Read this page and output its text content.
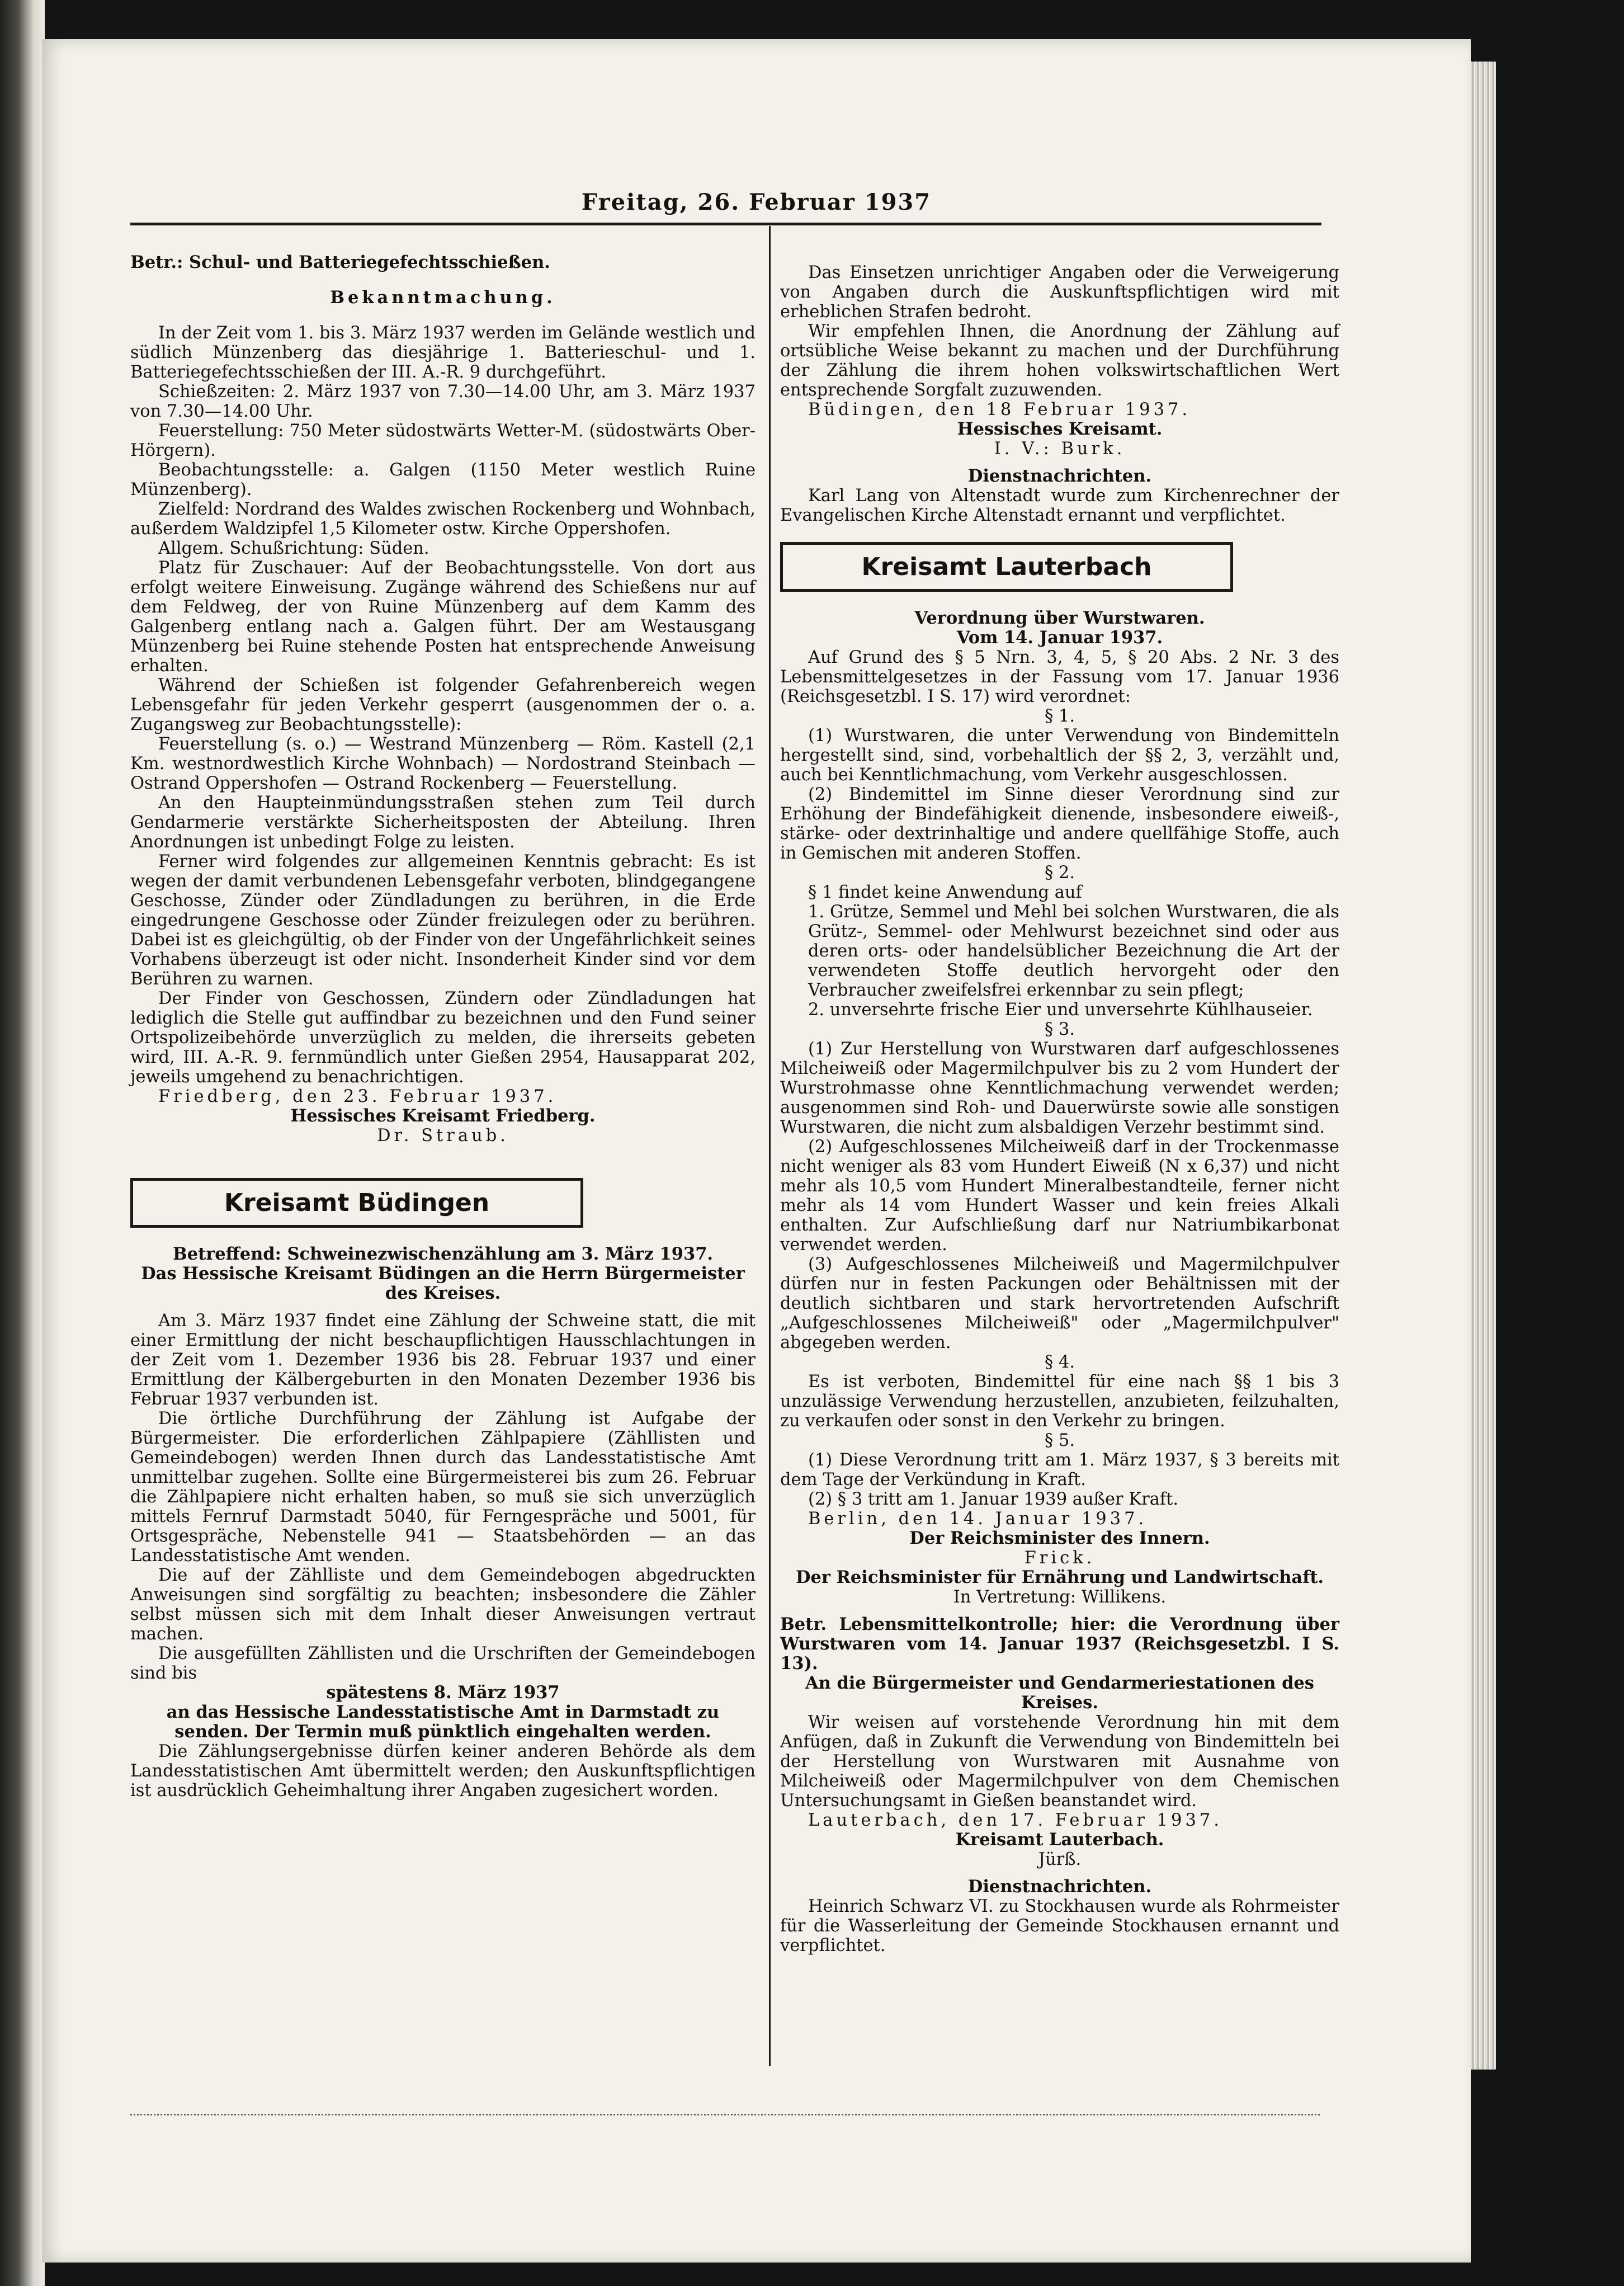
Freitag, 26. Februar 1937

Betr.: Schul- und Batteriegefechtsschießen.

Bekanntmachung.

In der Zeit vom 1. bis 3. März 1937 werden im Gelände westlich und südlich Münzenberg das diesjährige 1. Batterieschul- und 1. Batteriegefechtsschießen der III. A.-R. 9 durchgeführt.

Schießzeiten: 2. März 1937 von 7.30—14.00 Uhr, am 3. März 1937 von 7.30—14.00 Uhr.

Feuerstellung: 750 Meter südostwärts Wetter-M. (südostwärts Ober-Hörgern).

Beobachtungsstelle: a. Galgen (1150 Meter westlich Ruine Münzenberg).

Zielfeld: Nordrand des Waldes zwischen Rockenberg und Wohnbach, außerdem Waldzipfel 1,5 Kilometer ostw. Kirche Oppershofen.

Allgem. Schußrichtung: Süden.

Platz für Zuschauer: Auf der Beobachtungsstelle. Von dort aus erfolgt weitere Einweisung. Zugänge während des Schießens nur auf dem Feldweg, der von Ruine Münzenberg auf dem Kamm des Galgenberg entlang nach a. Galgen führt. Der am Westausgang Münzenberg bei Ruine stehende Posten hat entsprechende Anweisung erhalten.

Während der Schießen ist folgender Gefahrenbereich wegen Lebensgefahr für jeden Verkehr gesperrt (ausgenommen der o. a. Zugangsweg zur Beobachtungsstelle):

Feuerstellung (s. o.) — Westrand Münzenberg — Röm. Kastell (2,1 Km. westnordwestlich Kirche Wohnbach) — Nordostrand Steinbach — Ostrand Oppershofen — Ostrand Rockenberg — Feuerstellung.

An den Haupteinmündungsstraßen stehen zum Teil durch Gendarmerie verstärkte Sicherheitsposten der Abteilung. Ihren Anordnungen ist unbedingt Folge zu leisten.

Ferner wird folgendes zur allgemeinen Kenntnis gebracht: Es ist wegen der damit verbundenen Lebensgefahr verboten, blindgegangene Geschosse, Zünder oder Zündladungen zu berühren, in die Erde eingedrungene Geschosse oder Zünder freizulegen oder zu berühren. Dabei ist es gleichgültig, ob der Finder von der Ungefährlichkeit seines Vorhabens überzeugt ist oder nicht. Insonderheit Kinder sind vor dem Berühren zu warnen.

Der Finder von Geschossen, Zündern oder Zündladungen hat lediglich die Stelle gut auffindbar zu bezeichnen und den Fund seiner Ortspolizeibehörde unverzüglich zu melden, die ihrerseits gebeten wird, III. A.-R. 9. fernmündlich unter Gießen 2954, Hausapparat 202, jeweils umgehend zu benachrichtigen.

Friedberg, den 23. Februar 1937.

Hessisches Kreisamt Friedberg.

Dr. Straub.

Kreisamt Büdingen

Betreffend: Schweinezwischenzählung am 3. März 1937.

Das Hessische Kreisamt Büdingen an die Herrn Bürgermeister des Kreises.

Am 3. März 1937 findet eine Zählung der Schweine statt, die mit einer Ermittlung der nicht beschaupflichtigen Hausschlachtungen in der Zeit vom 1. Dezember 1936 bis 28. Februar 1937 und einer Ermittlung der Kälbergeburten in den Monaten Dezember 1936 bis Februar 1937 verbunden ist.

Die örtliche Durchführung der Zählung ist Aufgabe der Bürgermeister. Die erforderlichen Zählpapiere (Zähllisten und Gemeindebogen) werden Ihnen durch das Landesstatistische Amt unmittelbar zugehen. Sollte eine Bürgermeisterei bis zum 26. Februar die Zählpapiere nicht erhalten haben, so muß sie sich unverzüglich mittels Fernruf Darmstadt 5040, für Ferngespräche und 5001, für Ortsgespräche, Nebenstelle 941 — Staatsbehörden — an das Landesstatistische Amt wenden.

Die auf der Zählliste und dem Gemeindebogen abgedruckten Anweisungen sind sorgfältig zu beachten; insbesondere die Zähler selbst müssen sich mit dem Inhalt dieser Anweisungen vertraut machen.

Die ausgefüllten Zähllisten und die Urschriften der Gemeindebogen sind bis

spätestens 8. März 1937

an das Hessische Landesstatistische Amt in Darmstadt zu senden. Der Termin muß pünktlich eingehalten werden.

Die Zählungsergebnisse dürfen keiner anderen Behörde als dem Landesstatistischen Amt übermittelt werden; den Auskunftspflichtigen ist ausdrücklich Geheimhaltung ihrer Angaben zugesichert worden.

Das Einsetzen unrichtiger Angaben oder die Verweigerung von Angaben durch die Auskunftspflichtigen wird mit erheblichen Strafen bedroht.

Wir empfehlen Ihnen, die Anordnung der Zählung auf ortsübliche Weise bekannt zu machen und der Durchführung der Zählung die ihrem hohen volkswirtschaftlichen Wert entsprechende Sorgfalt zuzuwenden.

Büdingen, den 18 Februar 1937.

Hessisches Kreisamt.

I. V.: Burk.

Dienstnachrichten.

Karl Lang von Altenstadt wurde zum Kirchenrechner der Evangelischen Kirche Altenstadt ernannt und verpflichtet.

Kreisamt Lauterbach

Verordnung über Wurstwaren.

Vom 14. Januar 1937.

Auf Grund des § 5 Nrn. 3, 4, 5, § 20 Abs. 2 Nr. 3 des Lebensmittelgesetzes in der Fassung vom 17. Januar 1936 (Reichsgesetzbl. I S. 17) wird verordnet:

§ 1.

(1) Wurstwaren, die unter Verwendung von Bindemitteln hergestellt sind, sind, vorbehaltlich der §§ 2, 3, verzählt und, auch bei Kenntlichmachung, vom Verkehr ausgeschlossen.

(2) Bindemittel im Sinne dieser Verordnung sind zur Erhöhung der Bindefähigkeit dienende, insbesondere eiweiß-, stärke- oder dextrinhaltige und andere quellfähige Stoffe, auch in Gemischen mit anderen Stoffen.

§ 2.

§ 1 findet keine Anwendung auf

1. Grütze, Semmel und Mehl bei solchen Wurstwaren, die als Grütz-, Semmel- oder Mehlwurst bezeichnet sind oder aus deren orts- oder handelsüblicher Bezeichnung die Art der verwendeten Stoffe deutlich hervorgeht oder den Verbraucher zweifelsfrei erkennbar zu sein pflegt;

2. unversehrte frische Eier und unversehrte Kühlhauseier.

§ 3.

(1) Zur Herstellung von Wurstwaren darf aufgeschlossenes Milcheiweiß oder Magermilchpulver bis zu 2 vom Hundert der Wurstrohmasse ohne Kenntlichmachung verwendet werden; ausgenommen sind Roh- und Dauerwürste sowie alle sonstigen Wurstwaren, die nicht zum alsbaldigen Verzehr bestimmt sind.

(2) Aufgeschlossenes Milcheiweiß darf in der Trockenmasse nicht weniger als 83 vom Hundert Eiweiß (N x 6,37) und nicht mehr als 10,5 vom Hundert Mineralbestandteile, ferner nicht mehr als 14 vom Hundert Wasser und kein freies Alkali enthalten. Zur Aufschließung darf nur Natriumbikarbonat verwendet werden.

(3) Aufgeschlossenes Milcheiweiß und Magermilchpulver dürfen nur in festen Packungen oder Behältnissen mit der deutlich sichtbaren und stark hervortretenden Aufschrift „Aufgeschlossenes Milcheiweiß" oder „Magermilchpulver" abgegeben werden.

§ 4.

Es ist verboten, Bindemittel für eine nach §§ 1 bis 3 unzulässige Verwendung herzustellen, anzubieten, feilzuhalten, zu verkaufen oder sonst in den Verkehr zu bringen.

§ 5.

(1) Diese Verordnung tritt am 1. März 1937, § 3 bereits mit dem Tage der Verkündung in Kraft.

(2) § 3 tritt am 1. Januar 1939 außer Kraft.

Berlin, den 14. Januar 1937.

Der Reichsminister des Innern.

Frick.

Der Reichsminister für Ernährung und Landwirtschaft.

In Vertretung: Willikens.

Betr. Lebensmittelkontrolle; hier: die Verordnung über Wurstwaren vom 14. Januar 1937 (Reichsgesetzbl. I S. 13).

An die Bürgermeister und Gendarmeriestationen des Kreises.

Wir weisen auf vorstehende Verordnung hin mit dem Anfügen, daß in Zukunft die Verwendung von Bindemitteln bei der Herstellung von Wurstwaren mit Ausnahme von Milcheiweiß oder Magermilchpulver von dem Chemischen Untersuchungsamt in Gießen beanstandet wird.

Lauterbach, den 17. Februar 1937.

Kreisamt Lauterbach.

Jürß.

Dienstnachrichten.

Heinrich Schwarz VI. zu Stockhausen wurde als Rohrmeister für die Wasserleitung der Gemeinde Stockhausen ernannt und verpflichtet.
